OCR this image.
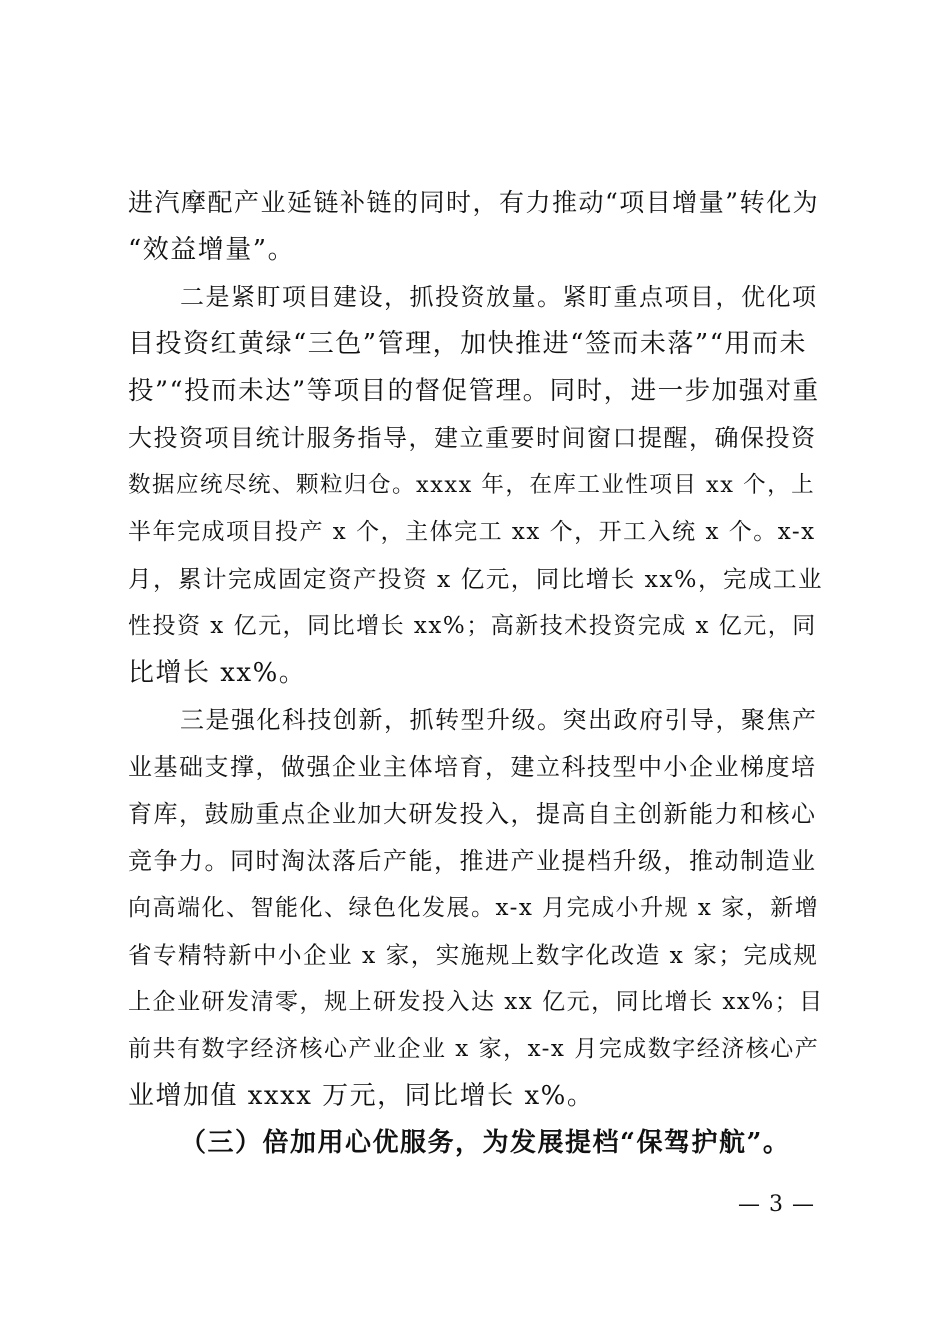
进汽摩配产业延链补链的同时，有力推动“项目增量”转化为
“效益增量”。
二是紧盯项目建设，抓投资放量。紧盯重点项目，优化项
目投资红黄绿“三色”管理，加快推进“签而未落”“用而未
投”“投而未达”等项目的督促管理。同时，进一步加强对重
大投资项目统计服务指导，建立重要时间窗口提醒，确保投资
数据应统尽统、颗粒归仓。xxxx 年，在库工业性项目 xx 个，上
半年完成项目投产 x 个，主体完工 xx 个，开工入统 x 个。x-x
月，累计完成固定资产投资 x 亿元，同比增长 xx%，完成工业
性投资 x 亿元，同比增长 xx%；高新技术投资完成 x 亿元，同
比增长 xx%。
三是强化科技创新，抓转型升级。突出政府引导，聚焦产
业基础支撑，做强企业主体培育，建立科技型中小企业梯度培
育库，鼓励重点企业加大研发投入，提高自主创新能力和核心
竞争力。同时淘汰落后产能，推进产业提档升级，推动制造业
向高端化、智能化、绿色化发展。x-x 月完成小升规 x 家，新增
省专精特新中小企业 x 家，实施规上数字化改造 x 家；完成规
上企业研发清零，规上研发投入达 xx 亿元，同比增长 xx%；目
前共有数字经济核心产业企业 x 家，x-x 月完成数字经济核心产
业增加值 xxxx 万元，同比增长 x%。
（三）倍加用心优服务，为发展提档“保驾护航”。
— 3 —
